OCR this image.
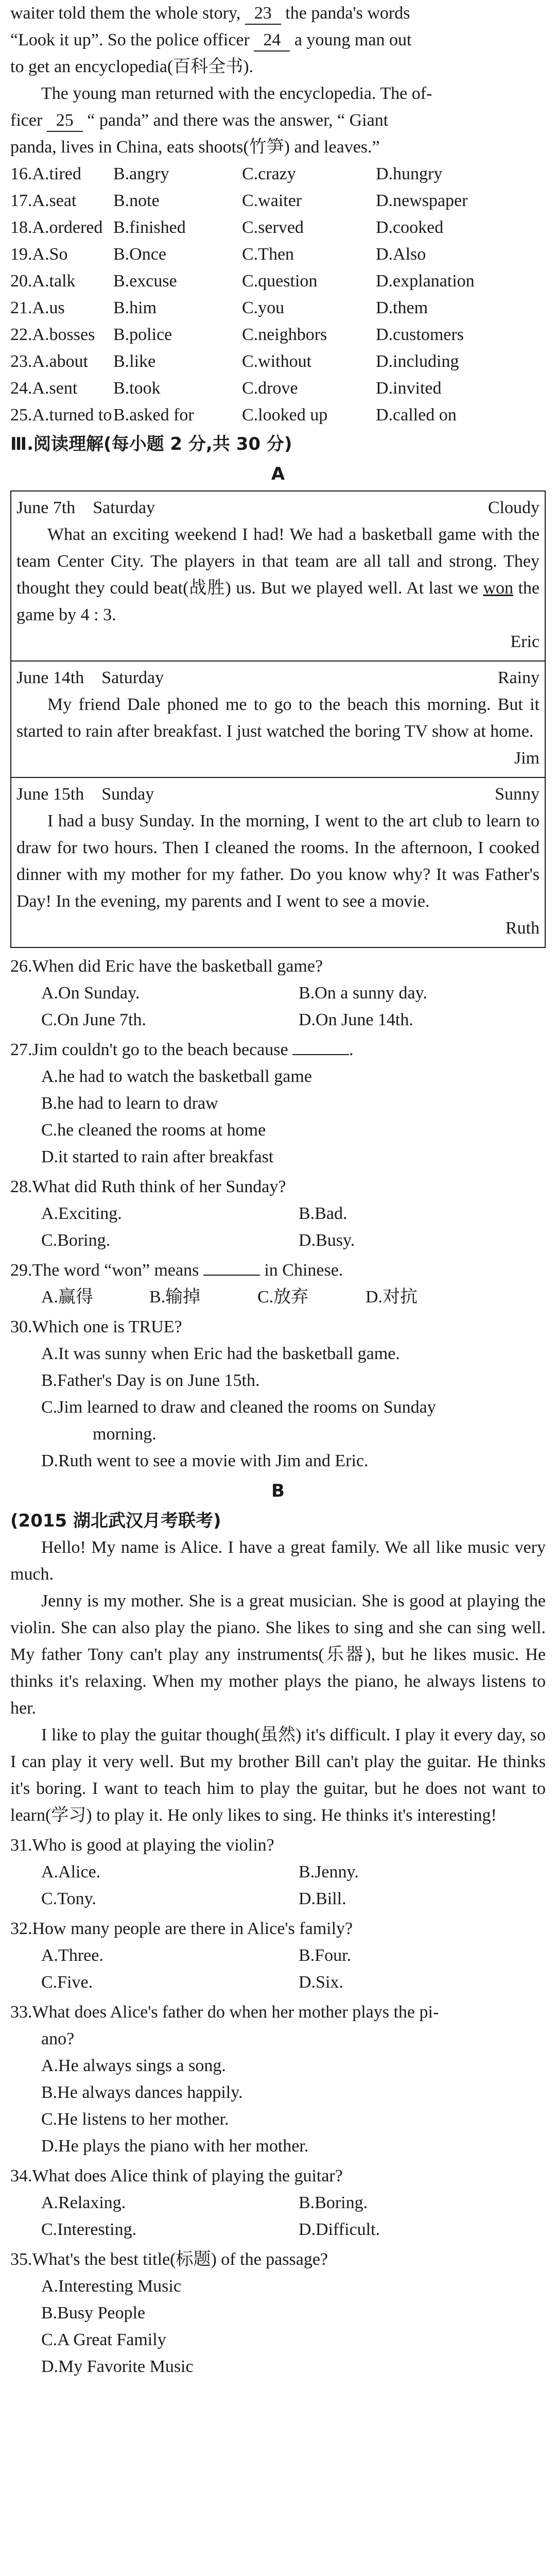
waiter told them the whole story, 23 the panda's words

“Look it up”. So the police officer 24 a young man out

to get an encyclopedia(百科全书).

The young man returned with the encyclopedia. The of-

ficer 25 “ panda” and there was the answer, “ Giant

panda, lives in China, eats shoots(竹笋) and leaves.”

16.A.tired	B.angry	C.crazy	D.hungry
17.A.seat	B.note	C.waiter	D.newspaper
18.A.ordered B.finished	C.served	D.cooked
19.A.So	B.Once	C.Then	D.Also
20.A.talk	B.excuse	C.question	D.explanation
21.A.us	B.him	C.you	D.them
22.A.bosses	B.police	C.neighbors	D.customers
23.A.about	B.like	C.without	D.including
24.A.sent	B.took	C.drove	D.invited
25.A.turned to B.asked for	C.looked up	D.called on

Ⅲ.阅读理解(每小题 2 分,共 30 分)

A

June 7th　Saturday	Cloudy

What an exciting weekend I had! We had a basketball game with the team Center City. The players in that team are all tall and strong. They thought they could beat(战胜) us. But we played well. At last we won the game by 4 : 3.

Eric

June 14th　Saturday	Rainy

My friend Dale phoned me to go to the beach this morning. But it started to rain after breakfast. I just watched the boring TV show at home.

Jim

June 15th　Sunday	Sunny

I had a busy Sunday. In the morning, I went to the art club to learn to draw for two hours. Then I cleaned the rooms. In the afternoon, I cooked dinner with my mother for my father. Do you know why? It was Father's Day! In the evening, my parents and I went to see a movie.

Ruth

26.When did Eric have the basketball game?

A.On Sunday.	B.On a sunny day.
C.On June 7th.	D.On June 14th.

27.Jim couldn't go to the beach because	.

A.he had to watch the basketball game
B.he had to learn to draw
C.he cleaned the rooms at home
D.it started to rain after breakfast

28.What did Ruth think of her Sunday?

A.Exciting.	B.Bad.
C.Boring.	D.Busy.

29.The word “won” means	in Chinese.

A.赢得	B.输掉	C.放弃	D.对抗

30.Which one is TRUE?

A.It was sunny when Eric had the basketball game.
B.Father's Day is on June 15th.
C.Jim learned to draw and cleaned the rooms on Sunday
morning.
D.Ruth went to see a movie with Jim and Eric.

B

(2015 湖北武汉月考联考)

Hello! My name is Alice. I have a great family. We all like music very much.

Jenny is my mother. She is a great musician. She is good at playing the violin. She can also play the piano. She likes to sing and she can sing well. My father Tony can't play any instruments(乐器), but he likes music. He thinks it's relaxing. When my mother plays the piano, he always listens to her.

I like to play the guitar though(虽然) it's difficult. I play it every day, so I can play it very well. But my brother Bill can't play the guitar. He thinks it's boring. I want to teach him to play the guitar, but he does not want to learn(学习) to play it. He only likes to sing. He thinks it's interesting!

31.Who is good at playing the violin?

A.Alice.	B.Jenny.
C.Tony.	D.Bill.

32.How many people are there in Alice's family?

A.Three.	B.Four.
C.Five.	D.Six.

33.What does Alice's father do when her mother plays the pi-

ano?

A.He always sings a song.
B.He always dances happily.
C.He listens to her mother.
D.He plays the piano with her mother.

34.What does Alice think of playing the guitar?

A.Relaxing.	B.Boring.
C.Interesting.	D.Difficult.

35.What's the best title(标题) of the passage?

A.Interesting Music
B.Busy People
C.A Great Family
D.My Favorite Music
